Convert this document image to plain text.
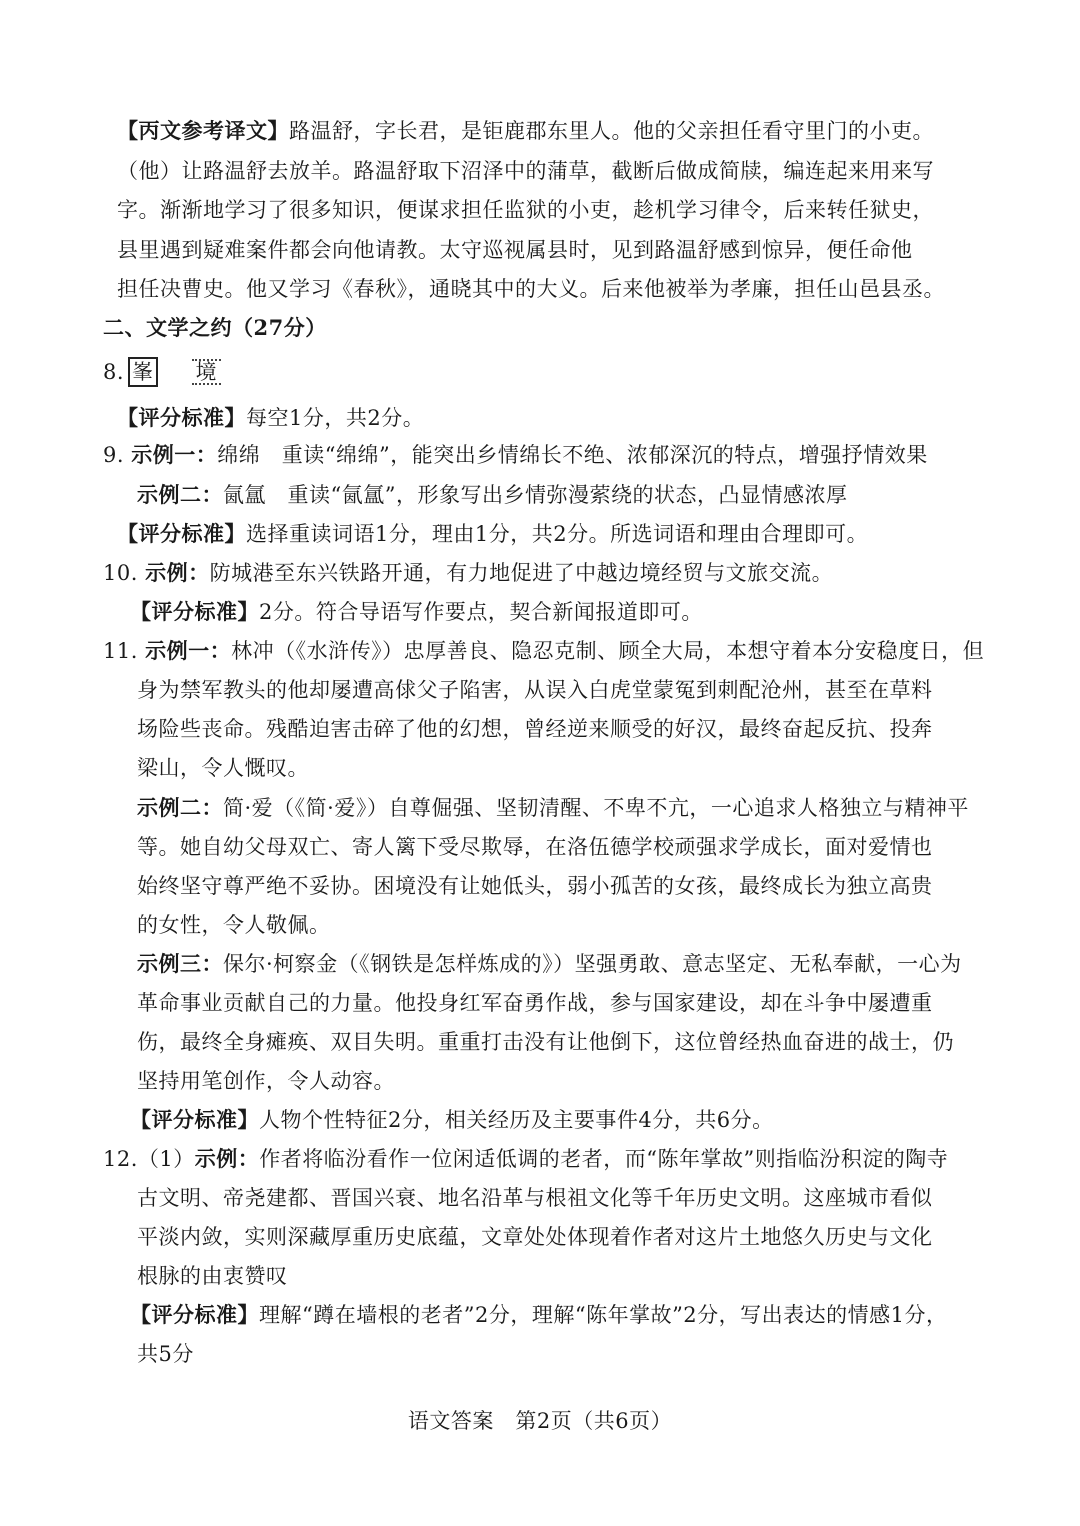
【丙文参考译文】路温舒，字长君，是钜鹿郡东里人。他的父亲担任看守里门的小吏。
（他）让路温舒去放羊。路温舒取下沼泽中的蒲草，截断后做成简牍，编连起来用来写
字。渐渐地学习了很多知识，便谋求担任监狱的小吏，趁机学习律令，后来转任狱史，
县里遇到疑难案件都会向他请教。太守巡视属县时，见到路温舒感到惊异，便任命他
担任决曹史。他又学习《春秋》，通晓其中的大义。后来他被举为孝廉，担任山邑县丞。
二、文学之约（27分）
8. 峯 境
【评分标准】每空1分，共2分。
9. 示例一：绵绵　重读“绵绵”，能突出乡情绵长不绝、浓郁深沉的特点，增强抒情效果
示例二：氤氲　重读“氤氲”，形象写出乡情弥漫萦绕的状态，凸显情感浓厚
【评分标准】选择重读词语1分，理由1分，共2分。所选词语和理由合理即可。
10. 示例：防城港至东兴铁路开通，有力地促进了中越边境经贸与文旅交流。
【评分标准】2分。符合导语写作要点，契合新闻报道即可。
11. 示例一：林冲（《水浒传》）忠厚善良、隐忍克制、顾全大局，本想守着本分安稳度日，但
身为禁军教头的他却屡遭高俅父子陷害，从误入白虎堂蒙冤到刺配沧州，甚至在草料
场险些丧命。残酷迫害击碎了他的幻想，曾经逆来顺受的好汉，最终奋起反抗、投奔
梁山，令人慨叹。
示例二：简·爱（《简·爱》）自尊倔强、坚韧清醒、不卑不亢，一心追求人格独立与精神平
等。她自幼父母双亡、寄人篱下受尽欺辱，在洛伍德学校顽强求学成长，面对爱情也
始终坚守尊严绝不妥协。困境没有让她低头，弱小孤苦的女孩，最终成长为独立高贵
的女性，令人敬佩。
示例三：保尔·柯察金（《钢铁是怎样炼成的》）坚强勇敢、意志坚定、无私奉献，一心为
革命事业贡献自己的力量。他投身红军奋勇作战，参与国家建设，却在斗争中屡遭重
伤，最终全身瘫痪、双目失明。重重打击没有让他倒下，这位曾经热血奋进的战士，仍
坚持用笔创作，令人动容。
【评分标准】人物个性特征2分，相关经历及主要事件4分，共6分。
12.（1）示例：作者将临汾看作一位闲适低调的老者，而“陈年掌故”则指临汾积淀的陶寺
古文明、帝尧建都、晋国兴衰、地名沿革与根祖文化等千年历史文明。这座城市看似
平淡内敛，实则深藏厚重历史底蕴，文章处处体现着作者对这片土地悠久历史与文化
根脉的由衷赞叹
【评分标准】理解“蹲在墙根的老者”2分，理解“陈年掌故”2分，写出表达的情感1分，
共5分
语文答案　第2页（共6页）
